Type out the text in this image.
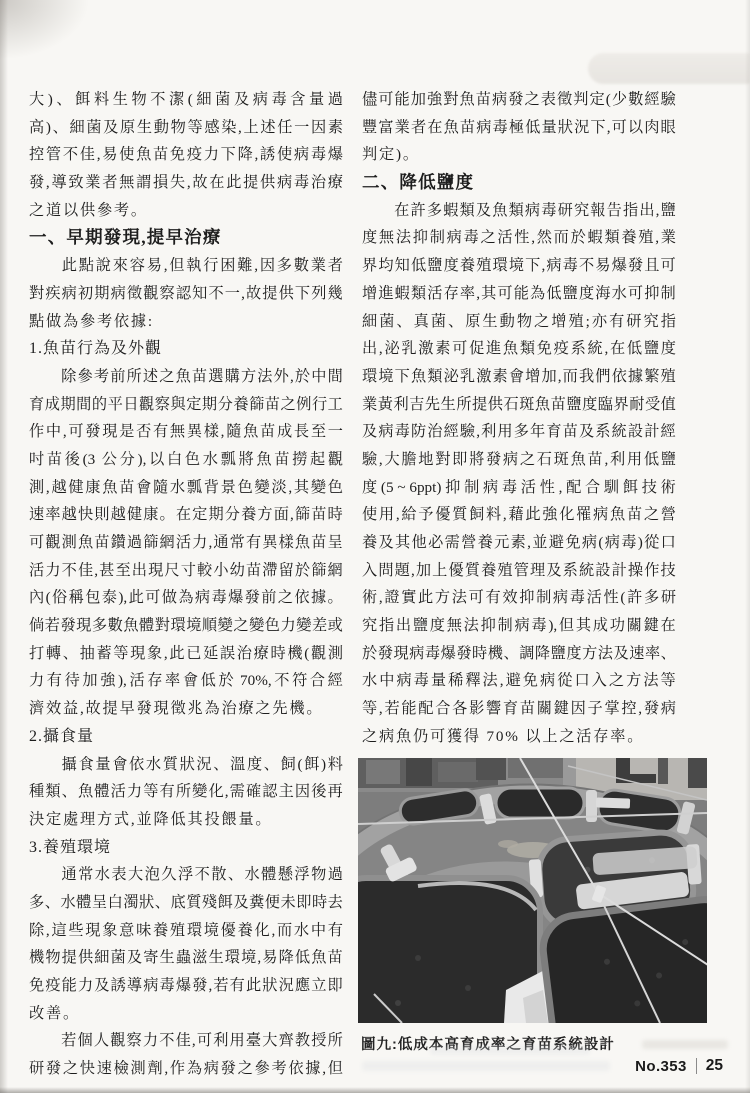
大 ) 、 餌 料 生 物 不 潔 ( 細 菌 及 病 毒 含 量 過
高 ) 、 細 菌 及 原 生 動 物 等 感 染 , 上 述 任 一 因 素
控 管 不 佳 , 易 使 魚 苗 免 疫 力 下 降 , 誘 使 病 毒 爆
發 , 導 致 業 者 無 謂 損 失 , 故 在 此 提 供 病 毒 治 療
之道以供參考。
一、早期發現,提早治療
此 點 說 來 容 易 , 但 執 行 困 難 , 因 多 數 業 者
對 疾 病 初 期 病 徵 觀 察 認 知 不 一 , 故 提 供 下 列 幾
點做為參考依據:
1.魚苗行為及外觀
除 參 考 前 所 述 之 魚 苗 選 購 方 法 外 , 於 中 間
育 成 期 間 的 平 日 觀 察 與 定 期 分 養 篩 苗 之 例 行 工
作 中 , 可 發 現 是 否 有 無 異 樣 , 隨 魚 苗 成 長 至 一
吋 苗 後 (3 公 分 ), 以 白 色 水 瓢 將 魚 苗 撈 起 觀
測 , 越 健 康 魚 苗 會 隨 水 瓢 背 景 色 變 淡 , 其 變 色
速 率 越 快 則 越 健 康 。 在 定 期 分 養 方 面 , 篩 苗 時
可 觀 測 魚 苗 鑽 過 篩 網 活 力 , 通 常 有 異 樣 魚 苗 呈
活 力 不 佳 , 甚 至 出 現 尺 寸 較 小 幼 苗 滯 留 於 篩 網
內 ( 俗 稱 包 泰 ), 此 可 做 為 病 毒 爆 發 前 之 依 據 。
倘 若 發 現 多 數 魚 體 對 環 境 順 變 之 變 色 力 變 差 或
打 轉 、 抽 蓄 等 現 象 , 此 已 延 誤 治 療 時 機 ( 觀 測
力 有 待 加 強 ), 活 存 率 會 低 於 70%, 不 符 合 經
濟效益,故提早發現徵兆為治療之先機。
2.攝食量
攝 食 量 會 依 水 質 狀 況 、 溫 度 、 飼 ( 餌 ) 料
種 類 、 魚 體 活 力 等 有 所 變 化 , 需 確 認 主 因 後 再
決定處理方式,並降低其投餵量。
3.養殖環境
通 常 水 表 大 泡 久 浮 不 散 、 水 體 懸 浮 物 過
多 、 水 體 呈 白 濁 狀 、 底 質 殘 餌 及 糞 便 未 即 時 去
除 , 這 些 現 象 意 味 養 殖 環 境 優 養 化 , 而 水 中 有
機 物 提 供 細 菌 及 寄 生 蟲 滋 生 環 境 , 易 降 低 魚 苗
免 疫 能 力 及 誘 導 病 毒 爆 發 , 若 有 此 狀 況 應 立 即
改善。
若 個 人 觀 察 力 不 佳 , 可 利 用 臺 大 齊 教 授 所
研 發 之 快 速 檢 測 劑 , 作 為 病 發 之 參 考 依 據 , 但
儘 可 能 加 強 對 魚 苗 病 發 之 表 徵 判 定 ( 少 數 經 驗
豐 富 業 者 在 魚 苗 病 毒 極 低 量 狀 況 下 , 可 以 肉 眼
判定)。
二、降低鹽度
在 許 多 蝦 類 及 魚 類 病 毒 研 究 報 告 指 出 , 鹽
度 無 法 抑 制 病 毒 之 活 性 , 然 而 於 蝦 類 養 殖 , 業
界 均 知 低 鹽 度 養 殖 環 境 下 , 病 毒 不 易 爆 發 且 可
增 進 蝦 類 活 存 率 , 其 可 能 為 低 鹽 度 海 水 可 抑 制
細 菌 、 真 菌 、 原 生 動 物 之 增 殖 ; 亦 有 研 究 指
出 , 泌 乳 激 素 可 促 進 魚 類 免 疫 系 統 , 在 低 鹽 度
環 境 下 魚 類 泌 乳 激 素 會 增 加 , 而 我 們 依 據 繁 殖
業 黃 利 吉 先 生 所 提 供 石 斑 魚 苗 鹽 度 臨 界 耐 受 值
及 病 毒 防 治 經 驗 , 利 用 多 年 育 苗 及 系 統 設 計 經
驗 , 大 膽 地 對 即 將 發 病 之 石 斑 魚 苗 , 利 用 低 鹽
度 (5 ~ 6ppt) 抑 制 病 毒 活 性 , 配 合 馴 餌 技 術
使 用 , 給 予 優 質 飼 料 , 藉 此 強 化 罹 病 魚 苗 之 營
養 及 其 他 必 需 營 養 元 素 , 並 避 免 病 ( 病 毒 ) 從 口
入 問 題 , 加 上 優 質 養 殖 管 理 及 系 統 設 計 操 作 技
術 , 證 實 此 方 法 可 有 效 抑 制 病 毒 活 性 ( 許 多 研
究 指 出 鹽 度 無 法 抑 制 病 毒 ), 但 其 成 功 關 鍵 在
於 發 現 病 毒 爆 發 時 機 、 調 降 鹽 度 方 法 及 速 率 、
水 中 病 毒 量 稀 釋 法 , 避 免 病 從 口 入 之 方 法 等
等 , 若 能 配 合 各 影 響 育 苗 關 鍵 因 子 掌 控 , 發 病
之病魚仍可獲得 70% 以上之活存率。
圖九:低成本高育成率之育苗系統設計
No.353 25
